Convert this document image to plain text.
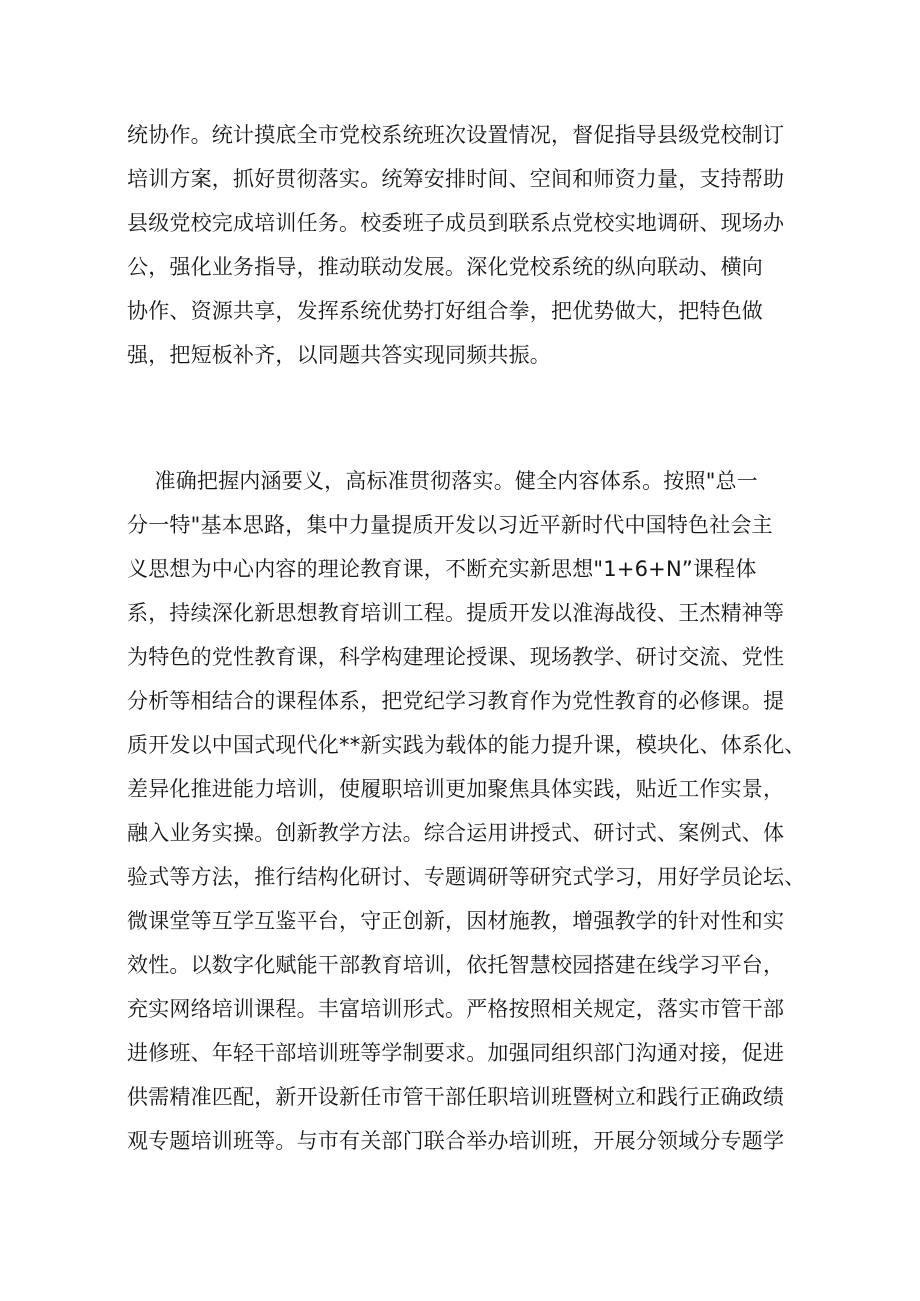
统协作。统计摸底全市党校系统班次设置情况，督促指导县级党校制订
培训方案，抓好贯彻落实。统筹安排时间、空间和师资力量，支持帮助
县级党校完成培训任务。校委班子成员到联系点党校实地调研、现场办
公，强化业务指导，推动联动发展。深化党校系统的纵向联动、横向
协作、资源共享，发挥系统优势打好组合拳，把优势做大，把特色做
强，把短板补齐，以同题共答实现同频共振。
准确把握内涵要义，高标准贯彻落实。健全内容体系。按照"总一
分一特"基本思路，集中力量提质开发以习近平新时代中国特色社会主
义思想为中心内容的理论教育课，不断充实新思想"1+6+N”课程体
系，持续深化新思想教育培训工程。提质开发以淮海战役、王杰精神等
为特色的党性教育课，科学构建理论授课、现场教学、研讨交流、党性
分析等相结合的课程体系，把党纪学习教育作为党性教育的必修课。提
质开发以中国式现代化**新实践为载体的能力提升课，模块化、体系化、
差异化推进能力培训，使履职培训更加聚焦具体实践，贴近工作实景，
融入业务实操。创新教学方法。综合运用讲授式、研讨式、案例式、体
验式等方法，推行结构化研讨、专题调研等研究式学习，用好学员论坛、
微课堂等互学互鉴平台，守正创新，因材施教，增强教学的针对性和实
效性。以数字化赋能干部教育培训，依托智慧校园搭建在线学习平台，
充实网络培训课程。丰富培训形式。严格按照相关规定，落实市管干部
进修班、年轻干部培训班等学制要求。加强同组织部门沟通对接，促进
供需精准匹配，新开设新任市管干部任职培训班暨树立和践行正确政绩
观专题培训班等。与市有关部门联合举办培训班，开展分领域分专题学
